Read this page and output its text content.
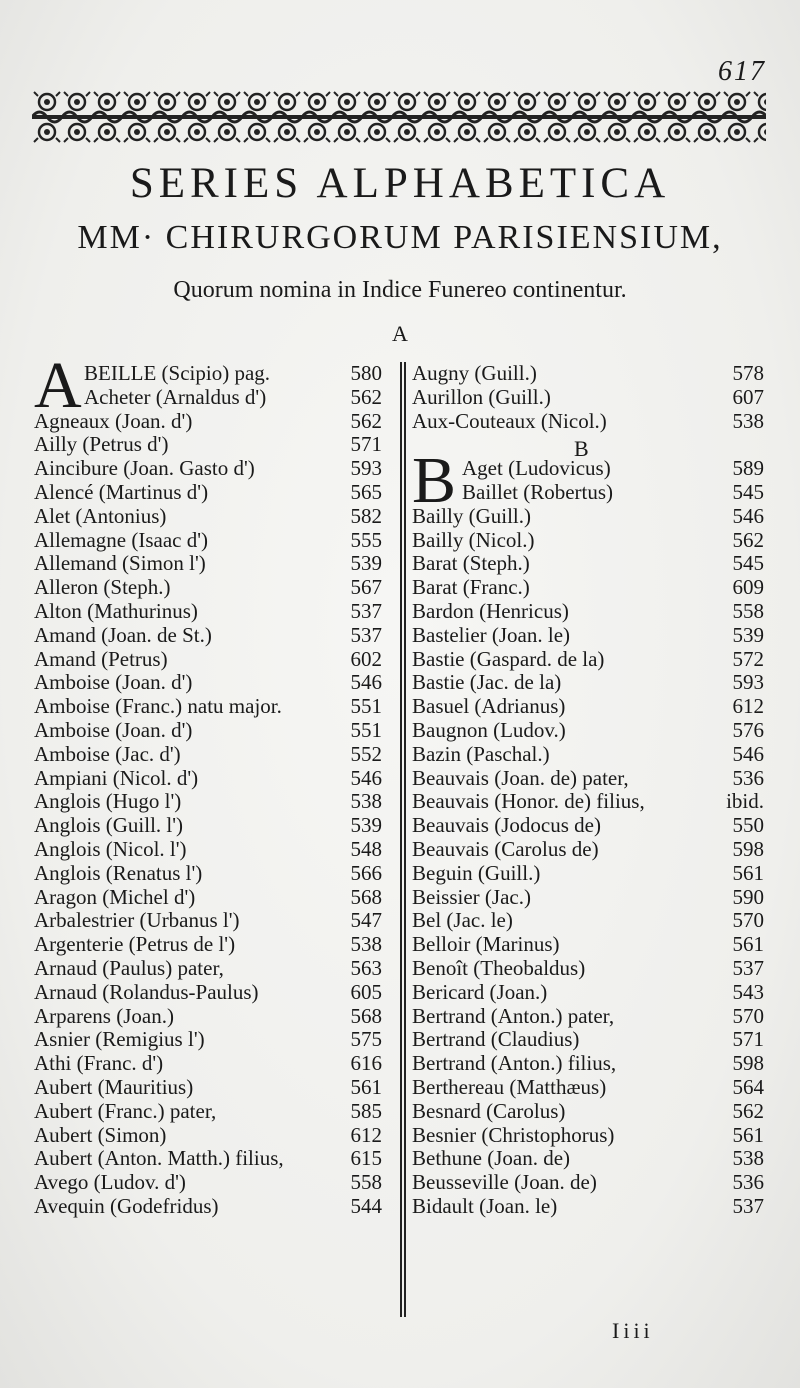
617
SERIES ALPHABETICA
MM· CHIRURGORUM PARISIENSIUM,
Quorum nomina in Indice Funereo continentur.
A
B
A BEILLE (Scipio) pag.	580
Acheter (Arnaldus d')	562
Agneaux (Joan. d')	562
Ailly (Petrus d')	571
Aincibure (Joan. Gasto d')	593
Alencé (Martinus d')	565
Alet (Antonius)	582
Allemagne (Isaac d')	555
Allemand (Simon l')	539
Alleron (Steph.)	567
Alton (Mathurinus)	537
Amand (Joan. de St.)	537
Amand (Petrus)	602
Amboise (Joan. d')	546
Amboise (Franc.) natu major.	551
Amboise (Joan. d')	551
Amboise (Jac. d')	552
Ampiani (Nicol. d')	546
Anglois (Hugo l')	538
Anglois (Guill. l')	539
Anglois (Nicol. l')	548
Anglois (Renatus l')	566
Aragon (Michel d')	568
Arbalestrier (Urbanus l')	547
Argenterie (Petrus de l')	538
Arnaud (Paulus) pater,	563
Arnaud (Rolandus-Paulus)	605
Arparens (Joan.)	568
Asnier (Remigius l')	575
Athi (Franc. d')	616
Aubert (Mauritius)	561
Aubert (Franc.) pater,	585
Aubert (Simon)	612
Aubert (Anton. Matth.) filius,	615
Avego (Ludov. d')	558
Avequin (Godefridus)	544
Augny (Guill.)	578
Aurillon (Guill.)	607
Aux-Couteaux (Nicol.)	538
B Aget (Ludovicus)	589
Baillet (Robertus)	545
Bailly (Guill.)	546
Bailly (Nicol.)	562
Barat (Steph.)	545
Barat (Franc.)	609
Bardon (Henricus)	558
Bastelier (Joan. le)	539
Bastie (Gaspard. de la)	572
Bastie (Jac. de la)	593
Basuel (Adrianus)	612
Baugnon (Ludov.)	576
Bazin (Paschal.)	546
Beauvais (Joan. de) pater,	536
Beauvais (Honor. de) filius,	ibid.
Beauvais (Jodocus de)	550
Beauvais (Carolus de)	598
Beguin (Guill.)	561
Beissier (Jac.)	590
Bel (Jac. le)	570
Belloir (Marinus)	561
Benoît (Theobaldus)	537
Bericard (Joan.)	543
Bertrand (Anton.) pater,	570
Bertrand (Claudius)	571
Bertrand (Anton.) filius,	598
Berthereau (Matthæus)	564
Besnard (Carolus)	562
Besnier (Christophorus)	561
Bethune (Joan. de)	538
Beusseville (Joan. de)	536
Bidault (Joan. le)	537
Iiii
